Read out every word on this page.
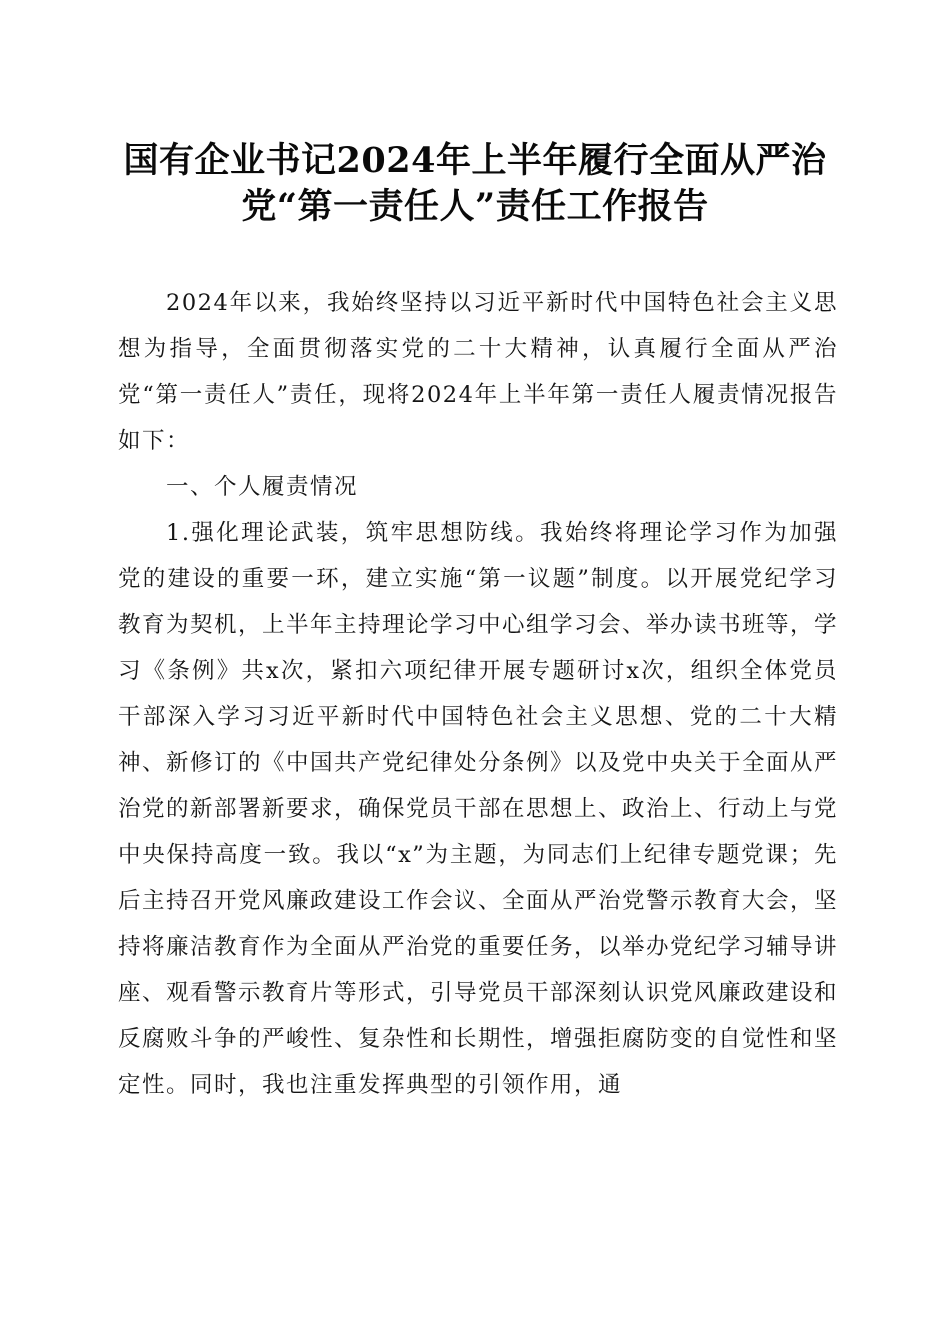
国有企业书记2024年上半年履行全面从严治
党“第一责任人”责任工作报告

2024年以来，我始终坚持以习近平新时代中国特色社会主义思想为指导，全面贯彻落实党的二十大精神，认真履行全面从严治党“第一责任人”责任，现将2024年上半年第一责任人履责情况报告如下：

一、个人履责情况

1.强化理论武装，筑牢思想防线。我始终将理论学习作为加强党的建设的重要一环，建立实施“第一议题”制度。以开展党纪学习教育为契机，上半年主持理论学习中心组学习会、举办读书班等，学习《条例》共x次，紧扣六项纪律开展专题研讨x次，组织全体党员干部深入学习习近平新时代中国特色社会主义思想、党的二十大精神、新修订的《中国共产党纪律处分条例》以及党中央关于全面从严治党的新部署新要求，确保党员干部在思想上、政治上、行动上与党中央保持高度一致。我以“x”为主题，为同志们上纪律专题党课；先后主持召开党风廉政建设工作会议、全面从严治党警示教育大会，坚持将廉洁教育作为全面从严治党的重要任务，以举办党纪学习辅导讲座、观看警示教育片等形式，引导党员干部深刻认识党风廉政建设和反腐败斗争的严峻性、复杂性和长期性，增强拒腐防变的自觉性和坚定性。同时，我也注重发挥典型的引领作用，通
